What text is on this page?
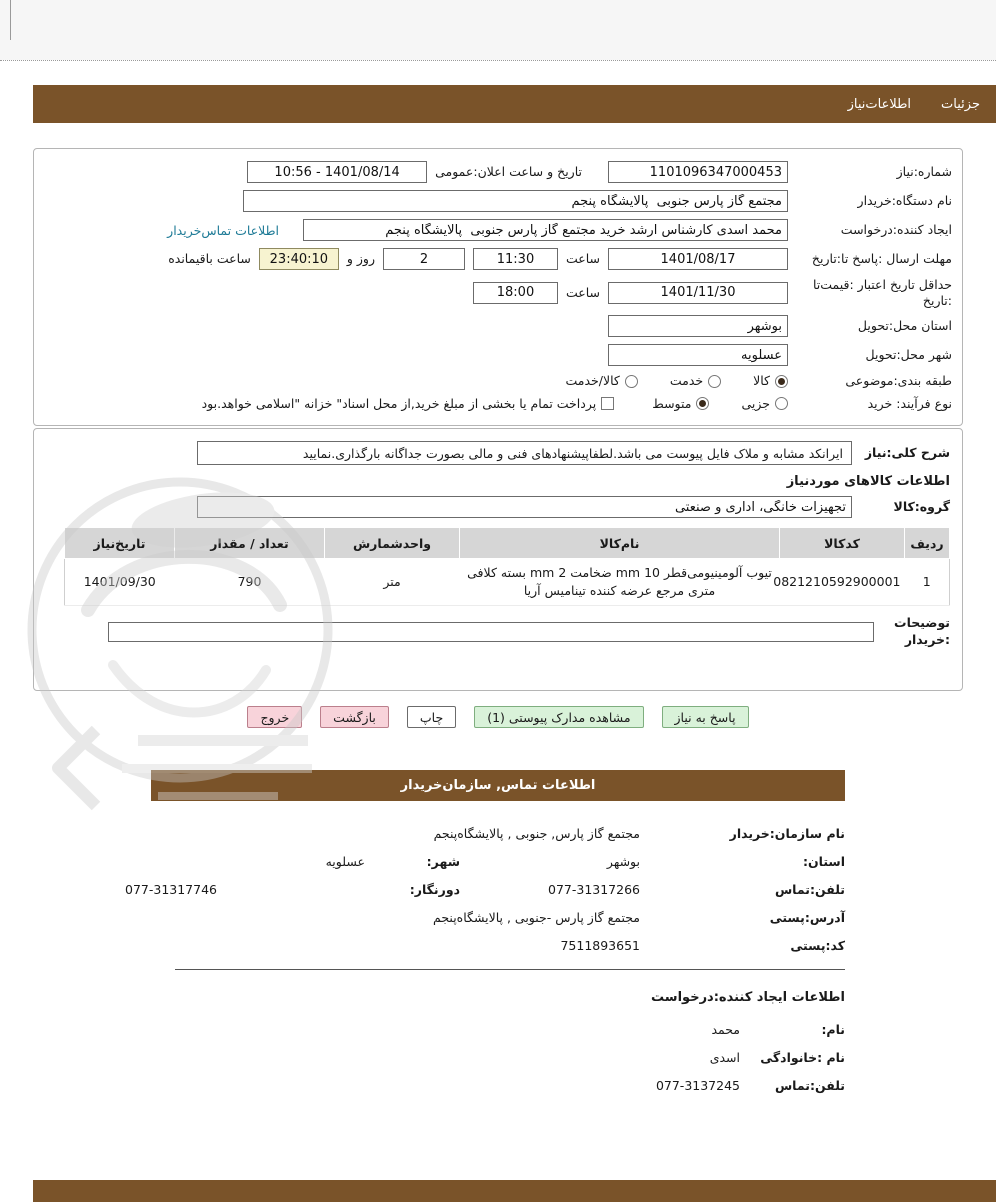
جزئیات
اطلاعات‌نیاز
شماره:نیاز
1101096347000453
تاریخ و ساعت اعلان:عمومی
1401/08/14 - 10:56
نام دستگاه:خریدار
مجتمع گاز پارس جنوبی پالایشگاه پنجم
ایجاد کننده:درخواست
محمد اسدی کارشناس ارشد خرید مجتمع گاز پارس جنوبی پالایشگاه پنجم
اطلاعات تماس‌خریدار
مهلت ارسال :پاسخ تا:تاریخ
1401/08/17
ساعت
11:30
2
روز و
23:40:10
ساعت باقیمانده
حداقل تاریخ اعتبار :قیمت‌تا :تاریخ
1401/11/30
ساعت
18:00
استان محل:تحویل
بوشهر
شهر محل:تحویل
عسلویه
طبقه بندی:موضوعی
کالا
خدمت
کالا/خدمت
نوع فرآیند: خرید
جزیی
متوسط
پرداخت تمام یا بخشی از مبلغ خرید,از محل اسناد" خزانه "اسلامی خواهد.بود
شرح کلی:نیاز
ایرانکد مشابه و ملاک فایل پیوست می باشد.لطفاپیشنهادهای فنی و مالی بصورت جداگانه بارگذاری.نمایید
اطلاعات کالاهای موردنیاز
گروه:کالا
تجهیزات خانگی، اداری و صنعتی
ردیف	کدکالا	نام‌کالا	واحدشمارش	تعداد / مقدار	تاریخ‌نیاز
1	0821210592900001	تیوب آلومینیومی‌قطر 10 mm ضخامت 2 mm بسته کلافی متری مرجع عرضه کننده تینامیس آریا	متر	790	1401/09/30
توضیحات :خریدار
پاسخ به نیاز
مشاهده مدارک پیوستی (1)
چاپ
بازگشت
خروج
اطلاعات تماس, سازمان‌خریدار
نام سازمان:خریدار
مجتمع گاز پارس, جنوبی , پالایشگاه‌پنجم
استان:
بوشهر
شهر:
عسلویه
تلفن:تماس
077-31317266
دورنگار:
077-31317746
آدرس:پستی
مجتمع گاز پارس -جنوبی , پالایشگاه‌پنجم
کد:پستی
7511893651
اطلاعات ایجاد کننده:درخواست
نام:
محمد
نام :خانوادگی
اسدی
تلفن:تماس
077-3137245
